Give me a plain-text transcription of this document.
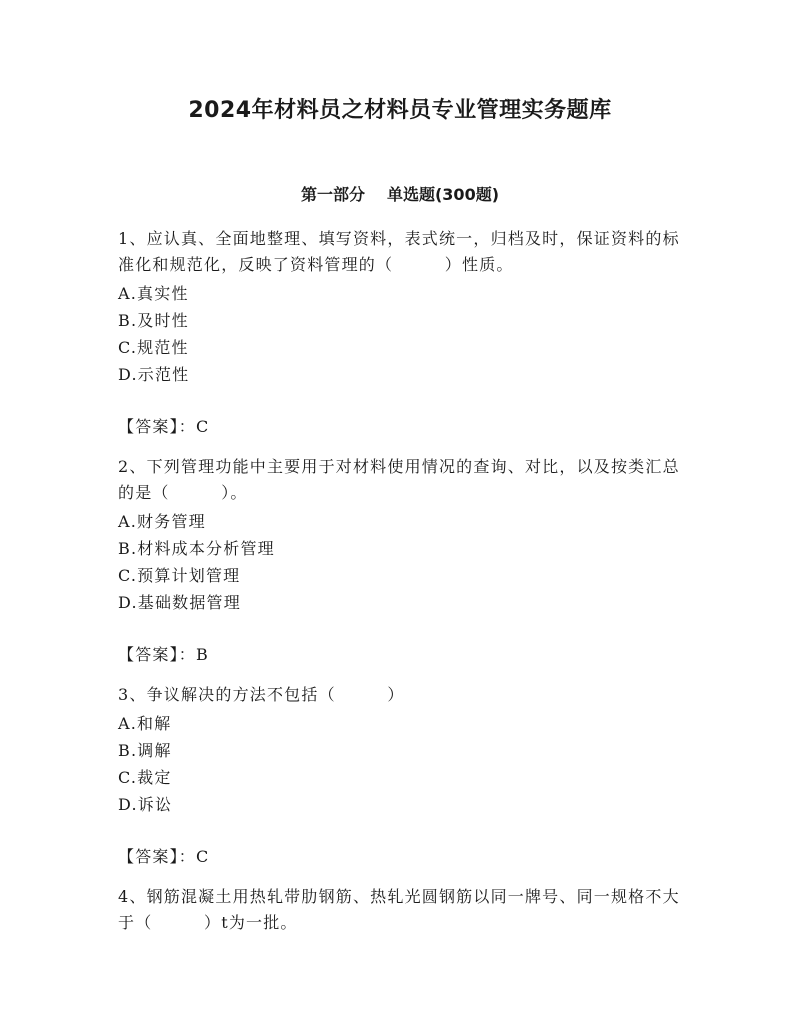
2024年材料员之材料员专业管理实务题库
第一部分 单选题(300题)

1、应认真、全面地整理、填写资料，表式统一，归档及时，保证资料的标准化和规范化，反映了资料管理的（　　　）性质。

A.真实性

B.及时性

C.规范性

D.示范性

【答案】：C

2、下列管理功能中主要用于对材料使用情况的查询、对比，以及按类汇总的是（　　　）。

A.财务管理

B.材料成本分析管理

C.预算计划管理

D.基础数据管理

【答案】：B

3、争议解决的方法不包括（　　　）

A.和解

B.调解

C.裁定

D.诉讼

【答案】：C

4、钢筋混凝土用热轧带肋钢筋、热轧光圆钢筋以同一牌号、同一规格不大于（　　　）t为一批。
